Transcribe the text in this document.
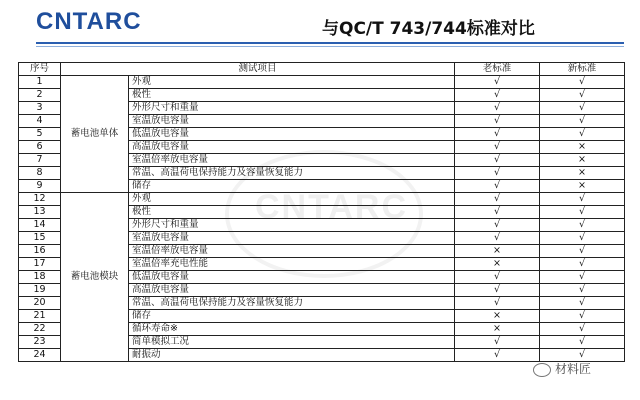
CNTARC	与QC/T 743/744标准对比
CNTARC
序号	测试项目		老标准	新标准
1	蓄电池单体	外观	√	√
2		极性	√	√
3		外形尺寸和重量	√	√
4		室温放电容量	√	√
5		低温放电容量	√	√
6		高温放电容量	√	×
7		室温倍率放电容量	√	×
8		常温、高温荷电保持能力及容量恢复能力	√	×
9		储存	√	×
12	蓄电池模块	外观	√	√
13		极性	√	√
14		外形尺寸和重量	√	√
15		室温放电容量	√	√
16		室温倍率放电容量	×	√
17		室温倍率充电性能	×	√
18		低温放电容量	√	√
19		高温放电容量	√	√
20		常温、高温荷电保持能力及容量恢复能力	√	√
21		储存	×	√
22		循环寿命※	×	√
23		简单模拟工况	√	√
24		耐振动	√	√
材料匠
